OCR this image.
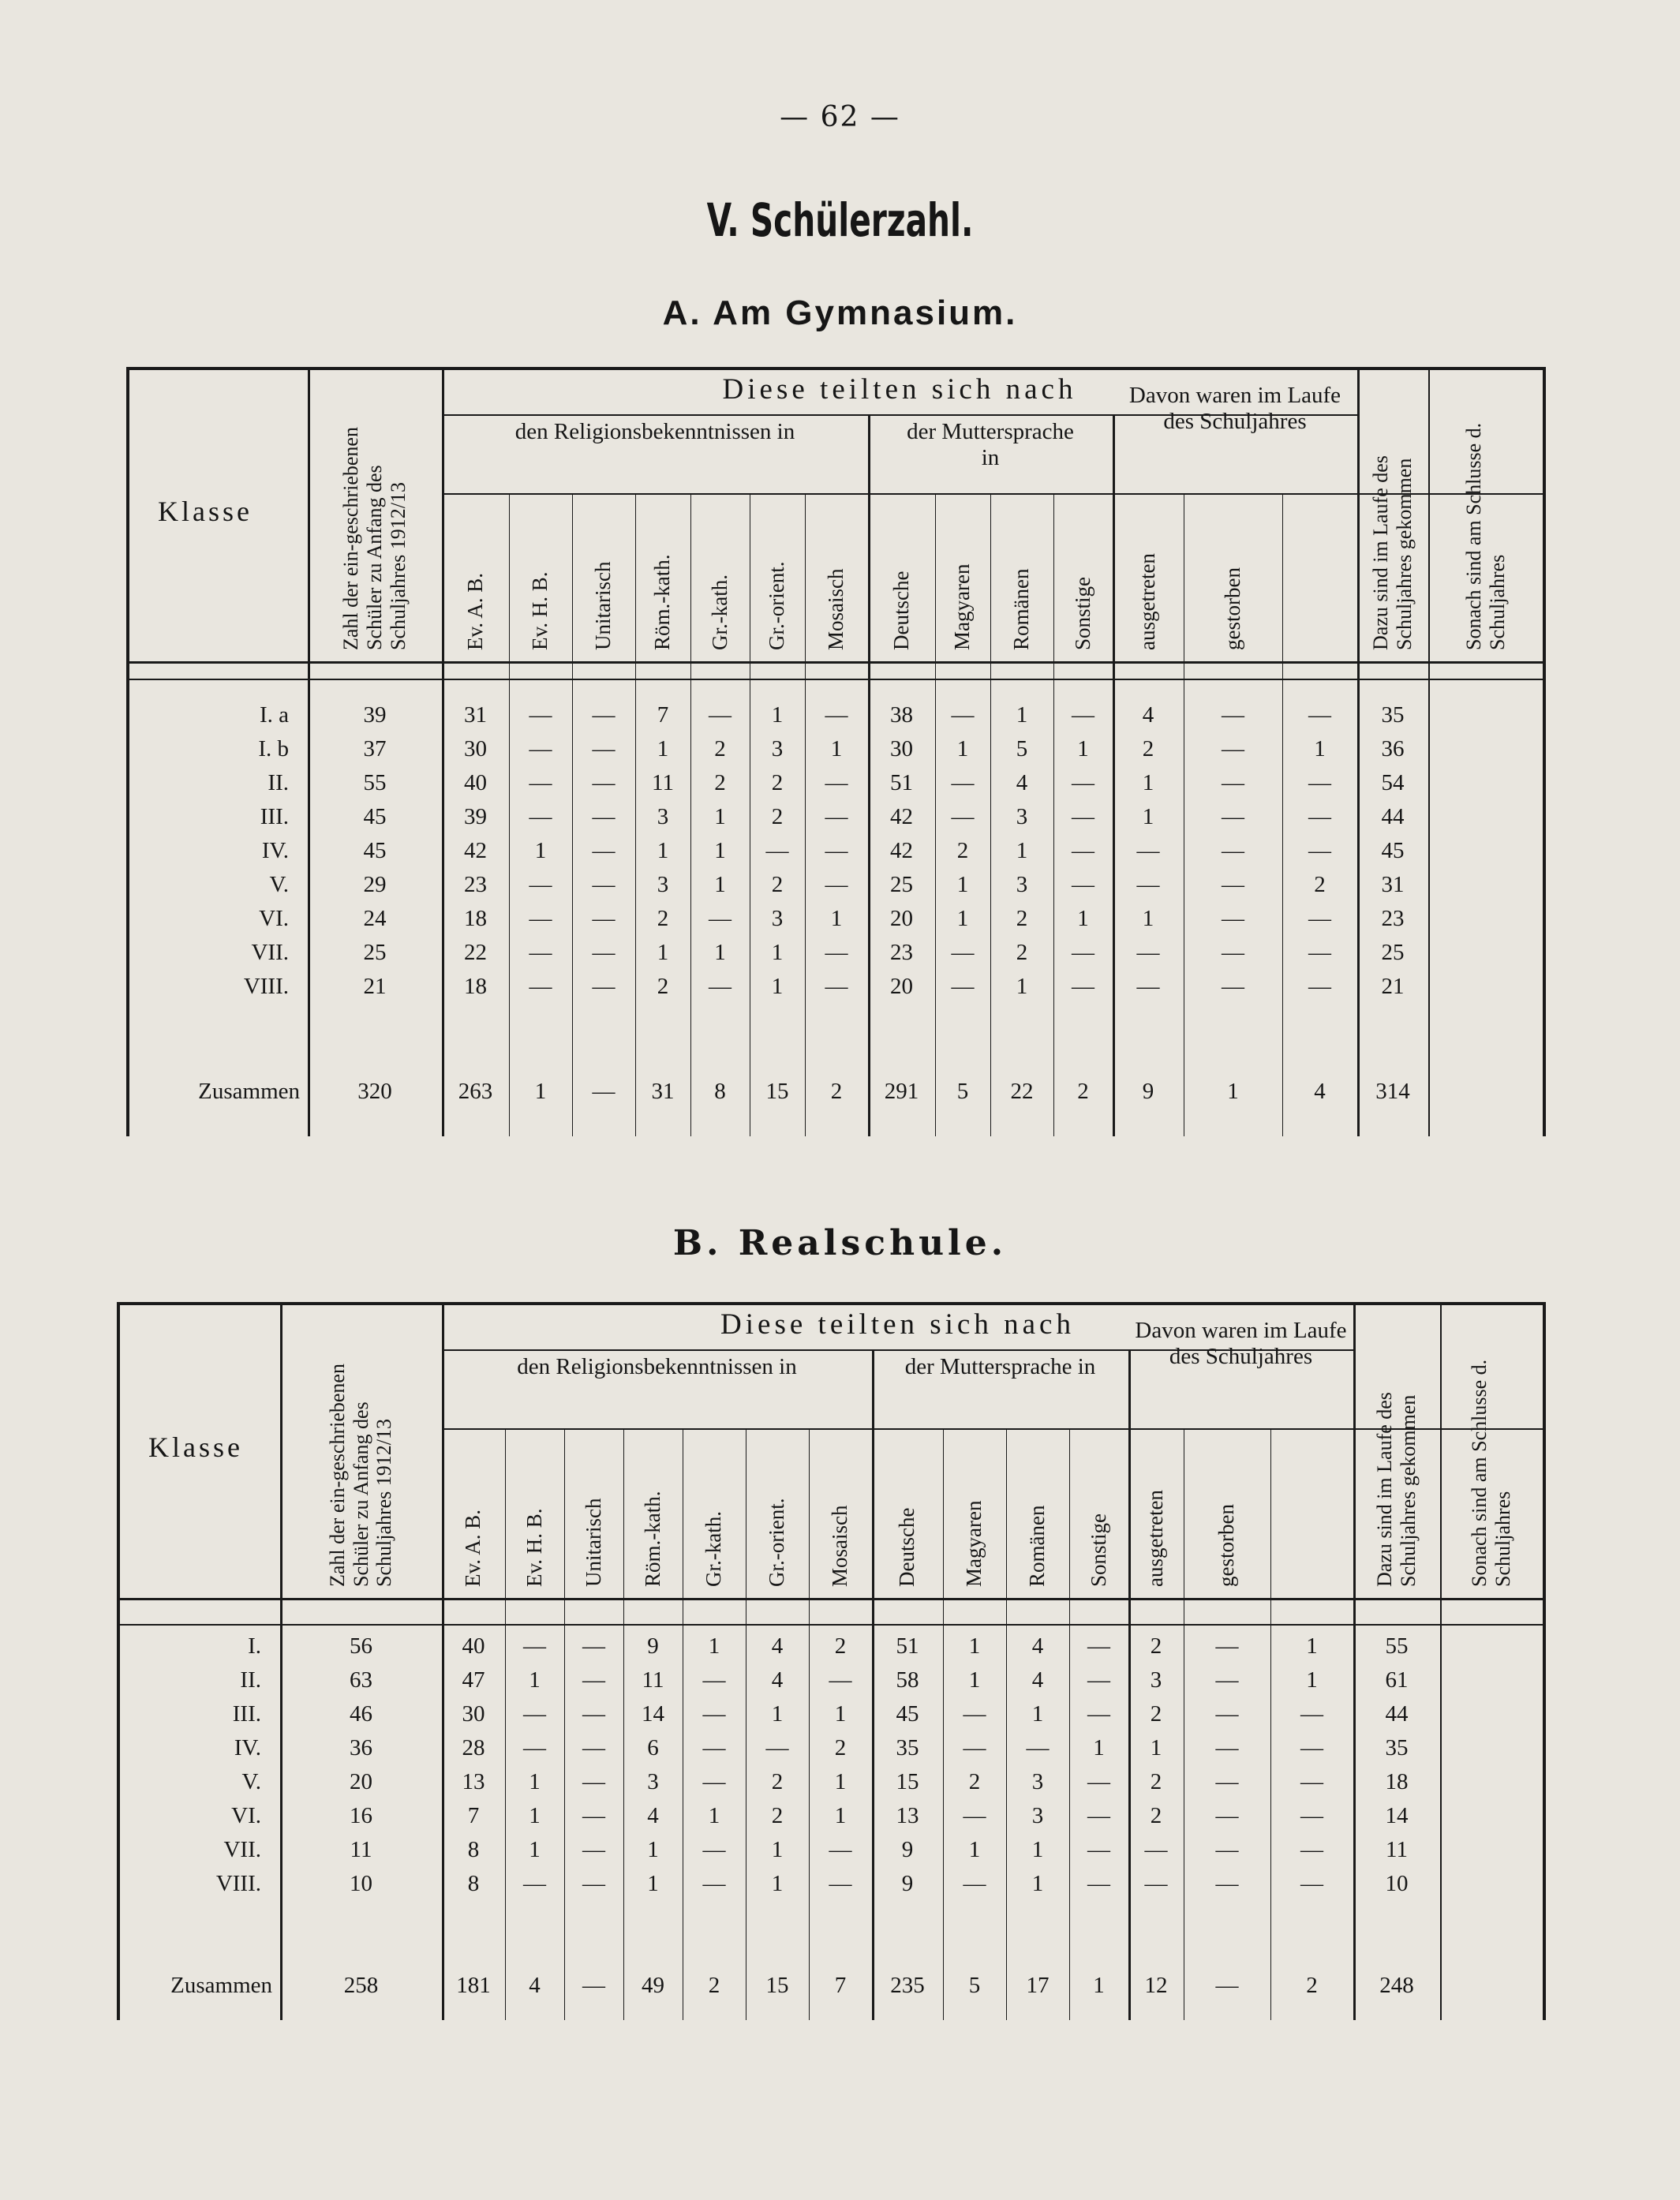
— 62 —
V. Schülerzahl.
A. Am Gymnasium.
B. Realschule.
Klasse
Diese teilten sich nach
den Religionsbekenntnissen in	der Muttersprache in
Davon waren im Laufe des Schuljahres
Zahl der ein-geschriebenen Schüler zu Anfang des Schuljahres 1912/13	Ev. A. B.	Ev. H. B.	Unitarisch	Röm.-kath.	Gr.-kath.	Gr.-orient.	Mosaisch	Deutsche	Magyaren	Romänen	Sonstige	ausgetreten	gestorben	Dazu sind im Laufe des Schuljahres gekommen	Sonach sind am Schlusse d. Schuljahres
I. a	39	31	—	—	7	—	1	—	38	—	1	—	4	—	—	35
I. b	37	30	—	—	1	2	3	1	30	1	5	1	2	—	1	36
II.	55	40	—	—	11	2	2	—	51	—	4	—	1	—	—	54
III.	45	39	—	—	3	1	2	—	42	—	3	—	1	—	—	44
IV.	45	42	1	—	1	1	—	—	42	2	1	—	—	—	—	45
V.	29	23	—	—	3	1	2	—	25	1	3	—	—	—	2	31
VI.	24	18	—	—	2	—	3	1	20	1	2	1	1	—	—	23
VII.	25	22	—	—	1	1	1	—	23	—	2	—	—	—	—	25
VIII.	21	18	—	—	2	—	1	—	20	—	1	—	—	—	—	21
Zusammen	320	263	1	—	31	8	15	2	291	5	22	2	9	1	4	314
Klasse
Diese teilten sich nach
den Religionsbekenntnissen in	der Muttersprache in
Davon waren im Laufe des Schuljahres
Zahl der ein-geschriebenen Schüler zu Anfang des Schuljahres 1912/13	Ev. A. B.	Ev. H. B.	Unitarisch	Röm.-kath.	Gr.-kath.	Gr.-orient.	Mosaisch	Deutsche	Magyaren	Romänen	Sonstige	ausgetreten	gestorben	Dazu sind im Laufe des Schuljahres gekommen	Sonach sind am Schlusse d. Schuljahres
I.	56	40	—	—	9	1	4	2	51	1	4	—	2	—	1	55
II.	63	47	1	—	11	—	4	—	58	1	4	—	3	—	1	61
III.	46	30	—	—	14	—	1	1	45	—	1	—	2	—	—	44
IV.	36	28	—	—	6	—	—	2	35	—	—	1	1	—	—	35
V.	20	13	1	—	3	—	2	1	15	2	3	—	2	—	—	18
VI.	16	7	1	—	4	1	2	1	13	—	3	—	2	—	—	14
VII.	11	8	1	—	1	—	1	—	9	1	1	—	—	—	—	11
VIII.	10	8	—	—	1	—	1	—	9	—	1	—	—	—	—	10
Zusammen	258	181	4	—	49	2	15	7	235	5	17	1	12	—	2	248
